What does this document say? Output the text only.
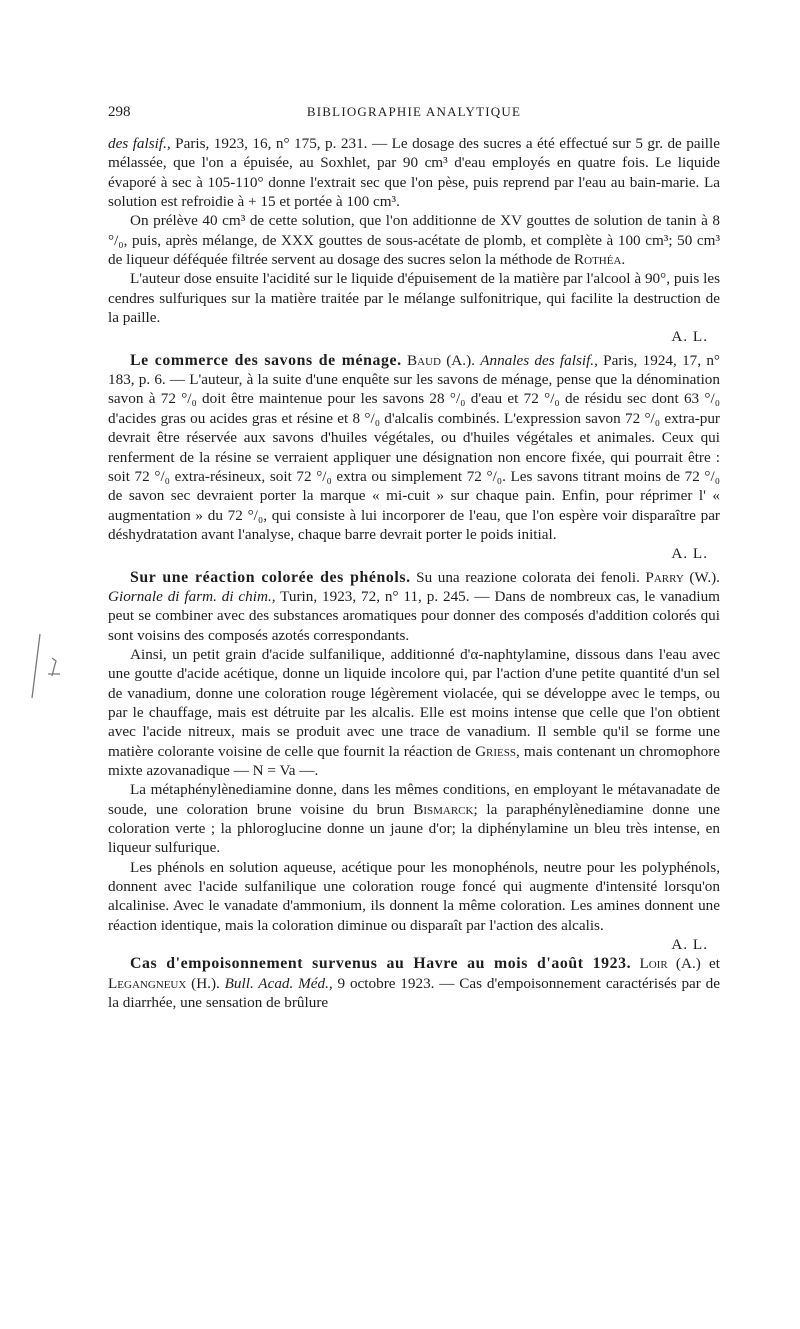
298	BIBLIOGRAPHIE ANALYTIQUE

des falsif., Paris, 1923, 16, n° 175, p. 231. — Le dosage des sucres a été effectué sur 5 gr. de paille mélassée, que l'on a épuisée, au Soxhlet, par 90 cm³ d'eau employés en quatre fois. Le liquide évaporé à sec à 105-110° donne l'extrait sec que l'on pèse, puis reprend par l'eau au bain-marie. La solution est refroidie à + 15 et portée à 100 cm³.

On prélève 40 cm³ de cette solution, que l'on additionne de XV gouttes de solution de tanin à 8 °/₀, puis, après mélange, de XXX gouttes de sous-acétate de plomb, et complète à 100 cm³; 50 cm³ de liqueur déféquée filtrée servent au dosage des sucres selon la méthode de Rothéa.

L'auteur dose ensuite l'acidité sur le liquide d'épuisement de la matière par l'alcool à 90°, puis les cendres sulfuriques sur la matière traitée par le mélange sulfonitrique, qui facilite la destruction de la paille.

A. L.

Le commerce des savons de ménage. Baud (A.). Annales des falsif., Paris, 1924, 17, n° 183, p. 6. — L'auteur, à la suite d'une enquête sur les savons de ménage, pense que la dénomination savon à 72 °/₀ doit être maintenue pour les savons 28 °/₀ d'eau et 72 °/₀ de résidu sec dont 63 °/₀ d'acides gras ou acides gras et résine et 8 °/₀ d'alcalis combinés. L'expression savon 72 °/₀ extra-pur devrait être réservée aux savons d'huiles végétales, ou d'huiles végétales et animales. Ceux qui renferment de la résine se verraient appliquer une désignation non encore fixée, qui pourrait être : soit 72 °/₀ extra-résineux, soit 72 °/₀ extra ou simplement 72 °/₀. Les savons titrant moins de 72 °/₀ de savon sec devraient porter la marque « mi-cuit » sur chaque pain. Enfin, pour réprimer l' « augmentation » du 72 °/₀, qui consiste à lui incorporer de l'eau, que l'on espère voir disparaître par déshydratation avant l'analyse, chaque barre devrait porter le poids initial.

A. L.

Sur une réaction colorée des phénols. Su una reazione colorata dei fenoli. Parry (W.). Giornale di farm. di chim., Turin, 1923, 72, n° 11, p. 245. — Dans de nombreux cas, le vanadium peut se combiner avec des substances aromatiques pour donner des composés d'addition colorés qui sont voisins des composés azotés correspondants.

Ainsi, un petit grain d'acide sulfanilique, additionné d'α-naphtylamine, dissous dans l'eau avec une goutte d'acide acétique, donne un liquide incolore qui, par l'action d'une petite quantité d'un sel de vanadium, donne une coloration rouge légèrement violacée, qui se développe avec le temps, ou par le chauffage, mais est détruite par les alcalis. Elle est moins intense que celle que l'on obtient avec l'acide nitreux, mais se produit avec une trace de vanadium. Il semble qu'il se forme une matière colorante voisine de celle que fournit la réaction de Griess, mais contenant un chromophore mixte azovanadique — N = Va —.

La métaphénylènediamine donne, dans les mêmes conditions, en employant le métavanadate de soude, une coloration brune voisine du brun Bismarck; la paraphénylènediamine donne une coloration verte ; la phloroglucine donne un jaune d'or; la diphénylamine un bleu très intense, en liqueur sulfurique.

Les phénols en solution aqueuse, acétique pour les monophénols, neutre pour les polyphénols, donnent avec l'acide sulfanilique une coloration rouge foncé qui augmente d'intensité lorsqu'on alcalinise. Avec le vanadate d'ammonium, ils donnent la même coloration. Les amines donnent une réaction identique, mais la coloration diminue ou disparaît par l'action des alcalis.

A. L.

Cas d'empoisonnement survenus au Havre au mois d'août 1923. Loir (A.) et Legangneux (H.). Bull. Acad. Méd., 9 octobre 1923. — Cas d'empoisonnement caractérisés par de la diarrhée, une sensation de brûlure
